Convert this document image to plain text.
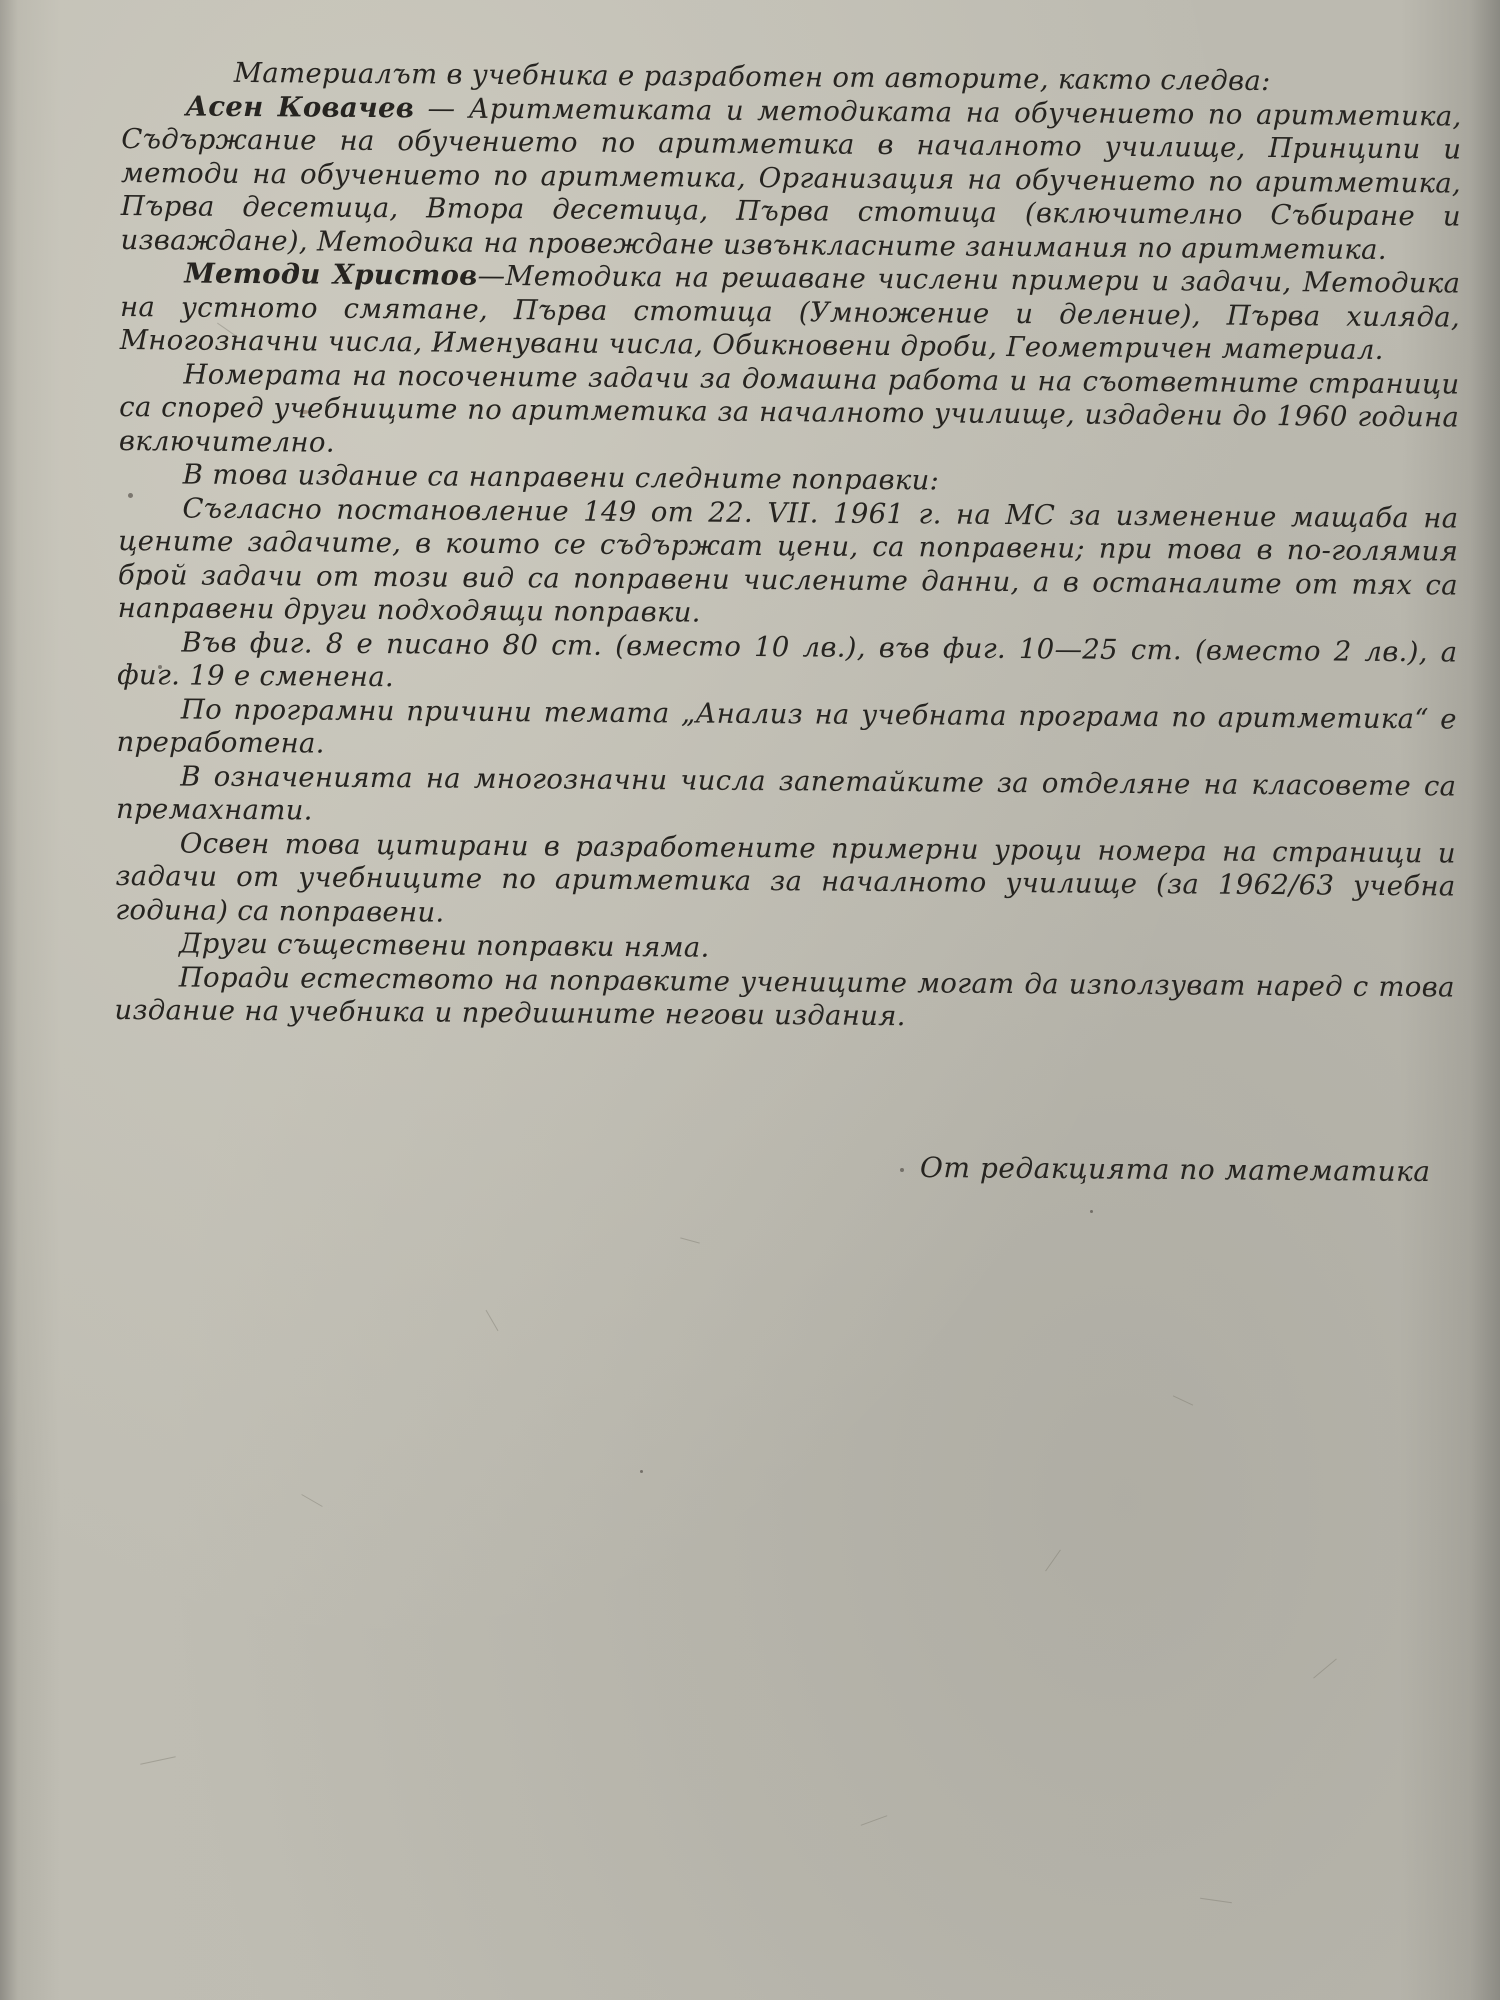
Материалът в учебника е разработен от авторите, както следва:

Асен Ковачев — Аритметиката и методиката на обучението по аритметика, Съдържание на обучението по аритметика в началното училище, Принципи и методи на обучението по аритметика, Организация на обучението по аритметика, Първа десетица, Втора десетица, Първа стотица (включително Събиране и изваждане), Методика на провеждане извънкласните занимания по аритметика.

Методи Христов—Методика на решаване числени примери и задачи, Методика на устното смятане, Първа стотица (Умножение и деление), Първа хиляда, Многозначни числа, Именувани числа, Обикновени дроби, Геометричен материал.

Номерата на посочените задачи за домашна работа и на съответните страници са според учебниците по аритметика за началното училище, издадени до 1960 година включително.

В това издание са направени следните поправки:

Съгласно постановление 149 от 22. VII. 1961 г. на МС за изменение мащаба на цените задачите, в които се съдържат цени, са поправени; при това в по-голямия брой задачи от този вид са поправени числените данни, а в останалите от тях са направени други подходящи поправки.

Във фиг. 8 е писано 80 ст. (вместо 10 лв.), във фиг. 10—25 ст. (вместо 2 лв.), а фиг. 19 е сменена.

По програмни причини темата „Анализ на учебната програма по аритметика“ е преработена.

В означенията на многозначни числа запетайките за отделяне на класовете са премахнати.

Освен това цитирани в разработените примерни уроци номера на страници и задачи от учебниците по аритметика за началното училище (за 1962/63 учебна година) са поправени.

Други съществени поправки няма.

Поради естеството на поправките учениците могат да използуват наред с това издание на учебника и предишните негови издания.

От редакцията по математика
